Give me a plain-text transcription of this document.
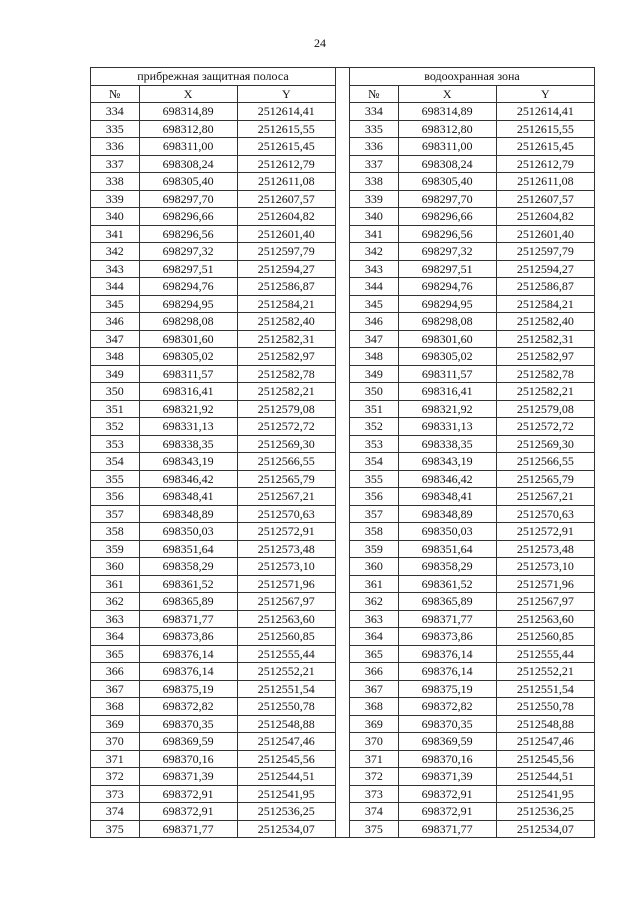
24
прибрежная защитная полоса				водоохранная зона		
№	X	Y		№	X	Y
334	698314,89	2512614,41		334	698314,89	2512614,41
335	698312,80	2512615,55		335	698312,80	2512615,55
336	698311,00	2512615,45		336	698311,00	2512615,45
337	698308,24	2512612,79		337	698308,24	2512612,79
338	698305,40	2512611,08		338	698305,40	2512611,08
339	698297,70	2512607,57		339	698297,70	2512607,57
340	698296,66	2512604,82		340	698296,66	2512604,82
341	698296,56	2512601,40		341	698296,56	2512601,40
342	698297,32	2512597,79		342	698297,32	2512597,79
343	698297,51	2512594,27		343	698297,51	2512594,27
344	698294,76	2512586,87		344	698294,76	2512586,87
345	698294,95	2512584,21		345	698294,95	2512584,21
346	698298,08	2512582,40		346	698298,08	2512582,40
347	698301,60	2512582,31		347	698301,60	2512582,31
348	698305,02	2512582,97		348	698305,02	2512582,97
349	698311,57	2512582,78		349	698311,57	2512582,78
350	698316,41	2512582,21		350	698316,41	2512582,21
351	698321,92	2512579,08		351	698321,92	2512579,08
352	698331,13	2512572,72		352	698331,13	2512572,72
353	698338,35	2512569,30		353	698338,35	2512569,30
354	698343,19	2512566,55		354	698343,19	2512566,55
355	698346,42	2512565,79		355	698346,42	2512565,79
356	698348,41	2512567,21		356	698348,41	2512567,21
357	698348,89	2512570,63		357	698348,89	2512570,63
358	698350,03	2512572,91		358	698350,03	2512572,91
359	698351,64	2512573,48		359	698351,64	2512573,48
360	698358,29	2512573,10		360	698358,29	2512573,10
361	698361,52	2512571,96		361	698361,52	2512571,96
362	698365,89	2512567,97		362	698365,89	2512567,97
363	698371,77	2512563,60		363	698371,77	2512563,60
364	698373,86	2512560,85		364	698373,86	2512560,85
365	698376,14	2512555,44		365	698376,14	2512555,44
366	698376,14	2512552,21		366	698376,14	2512552,21
367	698375,19	2512551,54		367	698375,19	2512551,54
368	698372,82	2512550,78		368	698372,82	2512550,78
369	698370,35	2512548,88		369	698370,35	2512548,88
370	698369,59	2512547,46		370	698369,59	2512547,46
371	698370,16	2512545,56		371	698370,16	2512545,56
372	698371,39	2512544,51		372	698371,39	2512544,51
373	698372,91	2512541,95		373	698372,91	2512541,95
374	698372,91	2512536,25		374	698372,91	2512536,25
375	698371,77	2512534,07		375	698371,77	2512534,07
